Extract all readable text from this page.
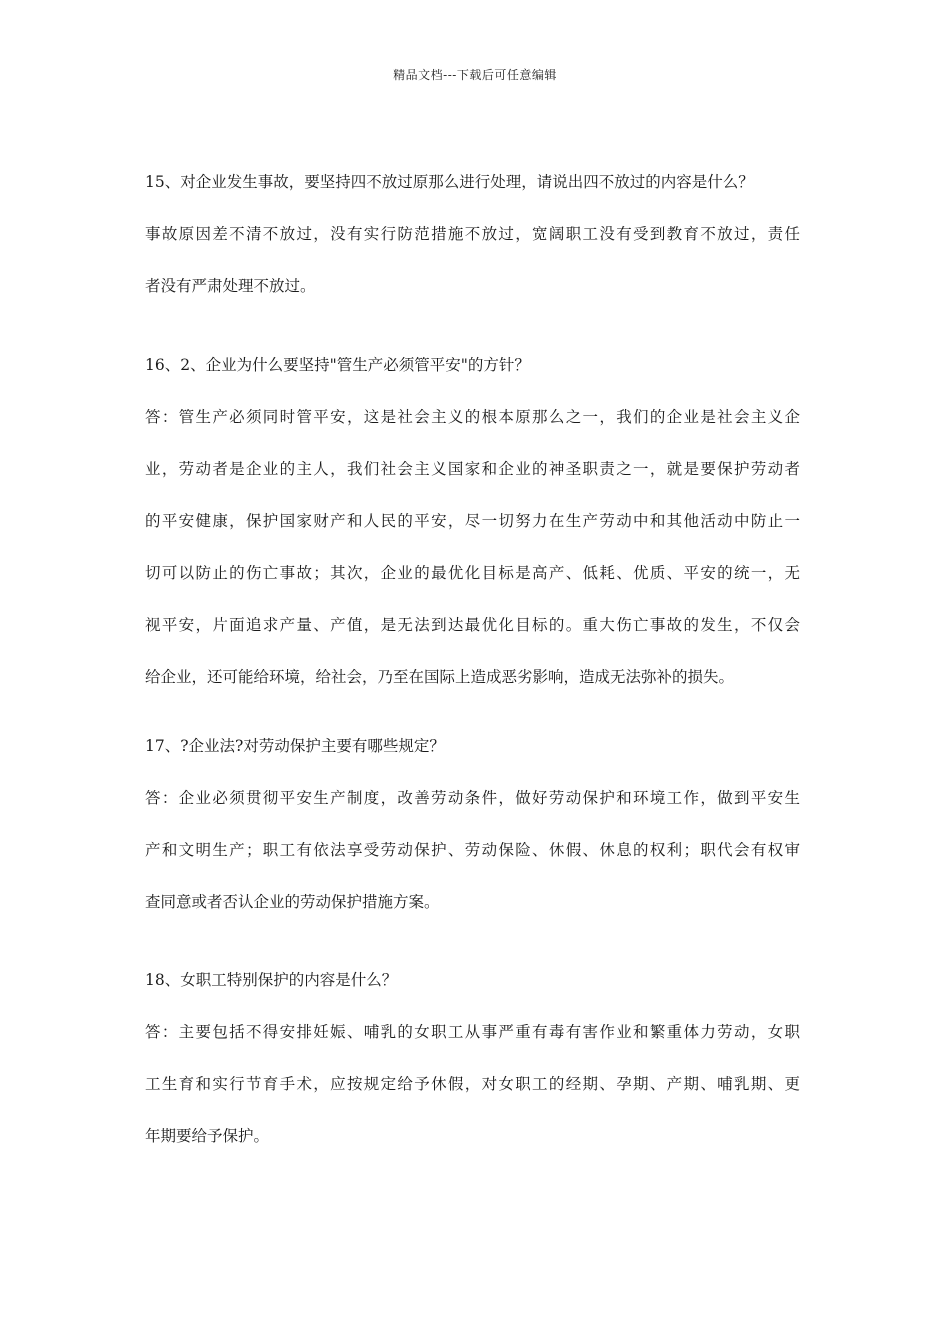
精品文档---下载后可任意编辑
15、对企业发生事故，要坚持四不放过原那么进行处理，请说出四不放过的内容是什么？
事故原因差不清不放过，没有实行防范措施不放过，宽阔职工没有受到教育不放过，责任
者没有严肃处理不放过。
16、2、企业为什么要坚持"管生产必须管平安"的方针？
答：管生产必须同时管平安，这是社会主义的根本原那么之一，我们的企业是社会主义企
业，劳动者是企业的主人，我们社会主义国家和企业的神圣职责之一，就是要保护劳动者
的平安健康，保护国家财产和人民的平安，尽一切努力在生产劳动中和其他活动中防止一
切可以防止的伤亡事故；其次，企业的最优化目标是高产、低耗、优质、平安的统一，无
视平安，片面追求产量、产值，是无法到达最优化目标的。重大伤亡事故的发生，不仅会
给企业，还可能给环境，给社会，乃至在国际上造成恶劣影响，造成无法弥补的损失。
17、?企业法?对劳动保护主要有哪些规定？
答：企业必须贯彻平安生产制度，改善劳动条件，做好劳动保护和环境工作，做到平安生
产和文明生产；职工有依法享受劳动保护、劳动保险、休假、休息的权利；职代会有权审
查同意或者否认企业的劳动保护措施方案。
18、女职工特别保护的内容是什么？
答：主要包括不得安排妊娠、哺乳的女职工从事严重有毒有害作业和繁重体力劳动，女职
工生育和实行节育手术，应按规定给予休假，对女职工的经期、孕期、产期、哺乳期、更
年期要给予保护。
